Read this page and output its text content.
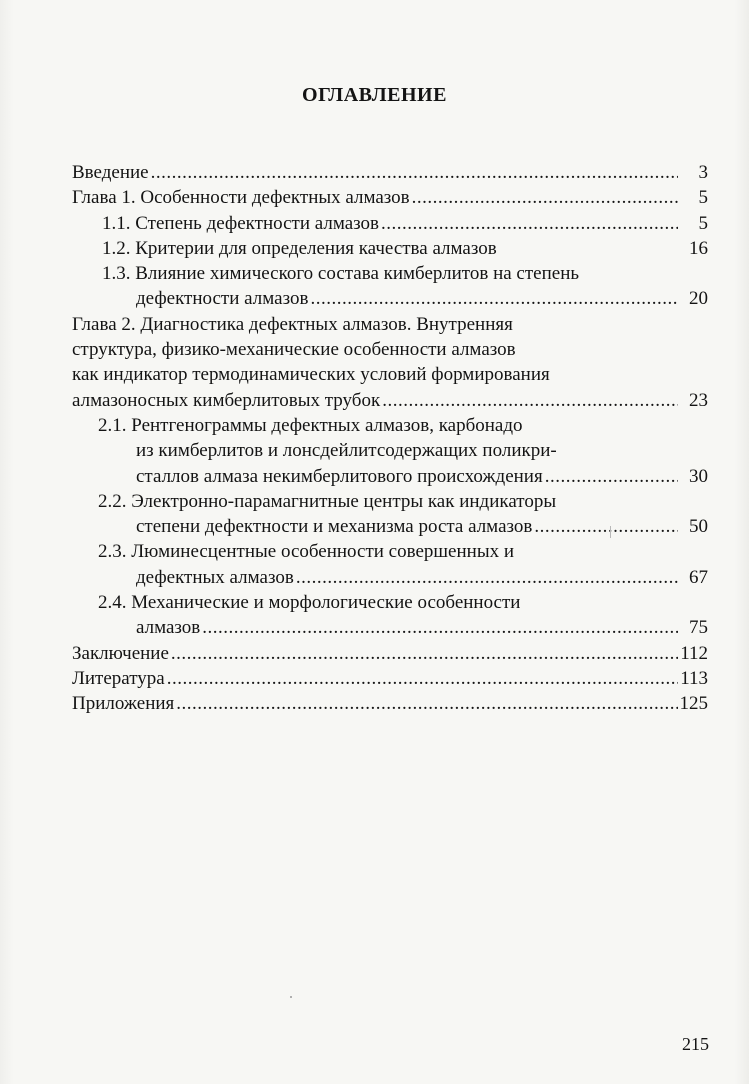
ОГЛАВЛЕНИЕ
Введение .....	3
Глава 1. Особенности дефектных алмазов .....	5
1.1. Степень дефектности алмазов .....	5
1.2. Критерии для определения качества алмазов	16
1.3. Влияние химического состава кимберлитов на степень
дефектности алмазов .....	20
Глава 2. Диагностика дефектных алмазов. Внутренняя
структура, физико-механические особенности алмазов
как индикатор термодинамических условий формирования
алмазоносных кимберлитовых трубок .....	23
2.1. Рентгенограммы дефектных алмазов, карбонадо
из кимберлитов и лонсдейлитсодержащих поликри-
сталлов алмаза некимберлитового происхождения .....	30
2.2. Электронно-парамагнитные центры как индикаторы
степени дефектности и механизма роста алмазов .....	50
2.3. Люминесцентные особенности совершенных и
дефектных алмазов .....	67
2.4. Механические и морфологические особенности
алмазов .....	75
Заключение .....	112
Литература .....	113
Приложения .....	125
215
